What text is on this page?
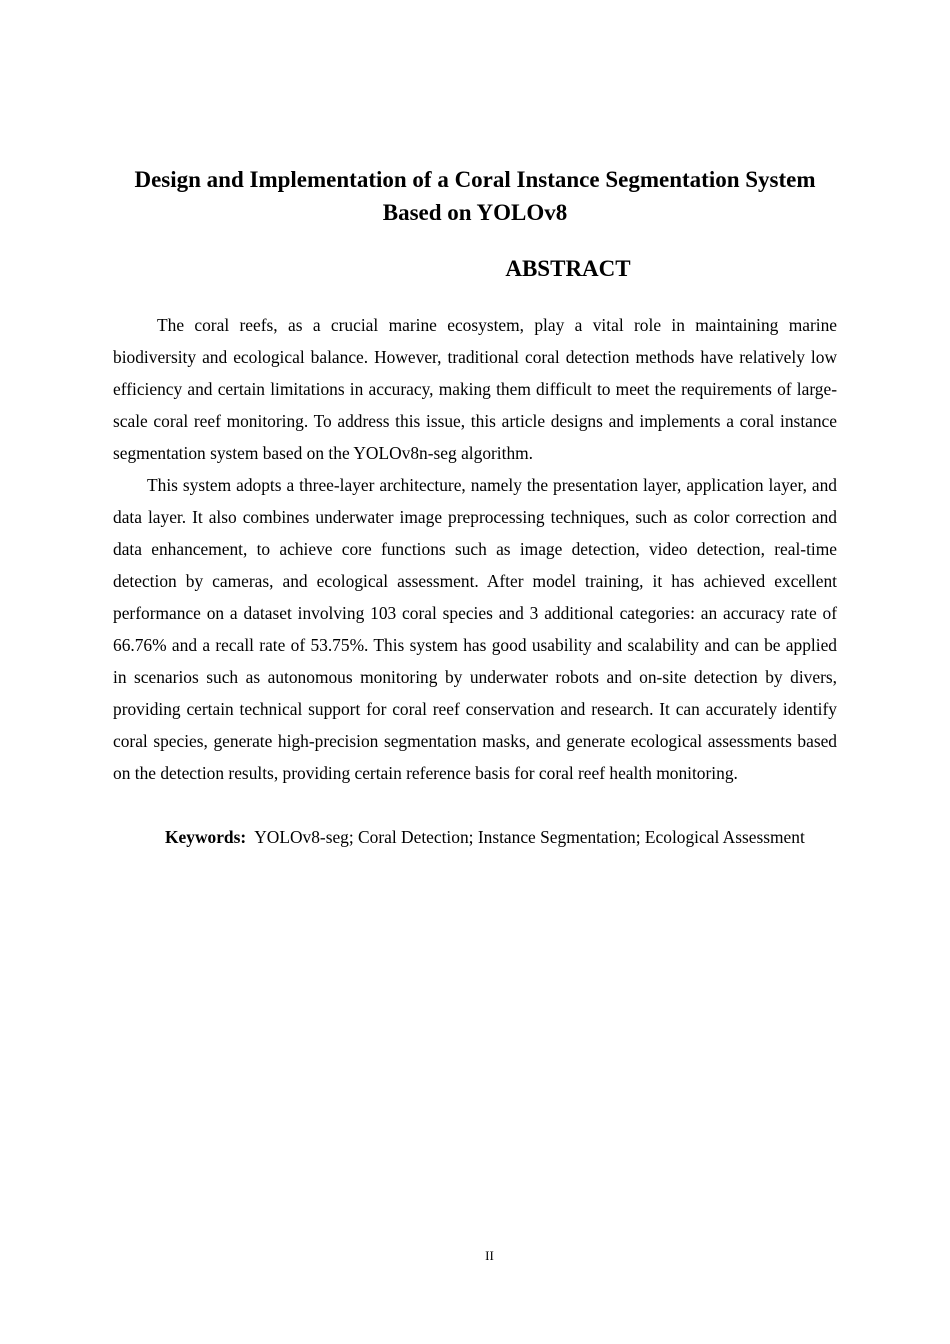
Design and Implementation of a Coral Instance Segmentation System Based on YOLOv8
ABSTRACT

The coral reefs, as a crucial marine ecosystem, play a vital role in maintaining marine biodiversity and ecological balance. However, traditional coral detection methods have relatively low efficiency and certain limitations in accuracy, making them difficult to meet the requirements of large-scale coral reef monitoring. To address this issue, this article designs and implements a coral instance segmentation system based on the YOLOv8n-seg algorithm.

This system adopts a three-layer architecture, namely the presentation layer, application layer, and data layer. It also combines underwater image preprocessing techniques, such as color correction and data enhancement, to achieve core functions such as image detection, video detection, real-time detection by cameras, and ecological assessment. After model training, it has achieved excellent performance on a dataset involving 103 coral species and 3 additional categories: an accuracy rate of 66.76% and a recall rate of 53.75%. This system has good usability and scalability and can be applied in scenarios such as autonomous monitoring by underwater robots and on-site detection by divers, providing certain technical support for coral reef conservation and research. It can accurately identify coral species, generate high-precision segmentation masks, and generate ecological assessments based on the detection results, providing certain reference basis for coral reef health monitoring.

Keywords: YOLOv8-seg; Coral Detection; Instance Segmentation; Ecological Assessment

II
